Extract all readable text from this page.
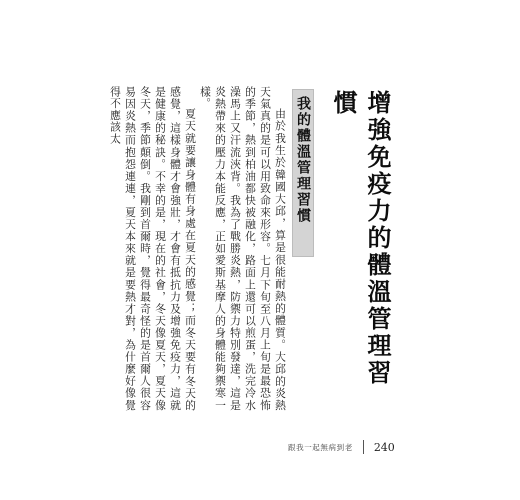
由於我生於韓國大邱，算是很能耐熱的體質。大邱的炎熱天氣真的是可以用致命來形容。七月下旬至八月上旬是最恐怖的季節，熱到柏油都快被融化，路面上還可以煎蛋，洗完冷水澡馬上又汗流浹背。我為了戰勝炎熱，防禦力特別發達，這是炎熱帶來的壓力本能反應，正如愛斯基摩人的身體能夠禦寒一樣。

夏天就要讓身體有身處在夏天的感覺；而冬天要有冬天的感覺，這樣身體才會強壯，才會有抵抗力及增強免疫力，這就是健康的秘訣。不幸的是，現在的社會，冬天像夏天，夏天像冬天，季節顛倒。我剛到首爾時，覺得最奇怪的是首爾人很容易因炎熱而抱怨連連，夏天本來就是要熱才對，為什麼好像覺得不應該太	我的體溫管理習慣	增強免疫力的體溫管理習慣
跟我一起無病到老 240
